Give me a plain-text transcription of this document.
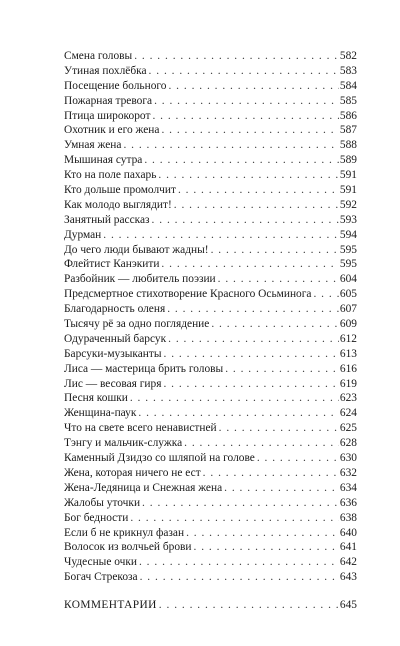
Смена головы . . .	582
Утиная похлёбка . . .	583
Посещение больного . . .	584
Пожарная тревога . . .	585
Птица широкорот . . .	586
Охотник и его жена . . .	587
Умная жена . . .	588
Мышиная сутра . . .	589
Кто на поле пахарь . . .	591
Кто дольше промолчит . . .	591
Как молодо выглядит! . . .	592
Занятный рассказ . . .	593
Дурман . . .	594
До чего люди бывают жадны! . . .	595
Флейтист Канэкити . . .	595
Разбойник — любитель поэзии . . .	604
Предсмертное стихотворение Красного Осьминога . . . 605
Благодарность оленя . . .	607
Тысячу рё за одно поглядение . . .	609
Одураченный барсук . . .	612
Барсуки-музыканты . . .	613
Лиса — мастерица брить головы . . .	616
Лис — весовая гиря . . .	619
Песня кошки . . .	623
Женщина-паук . . .	624
Что на свете всего ненавистней . . .	625
Тэнгу и мальчик-служка . . .	628
Каменный Дзидзо со шляпой на голове . . .	630
Жена, которая ничего не ест . . .	632
Жена-Ледяница и Снежная жена . . .	634
Жалобы уточки . . .	636
Бог бедности . . .	638
Если б не крикнул фазан . . .	640
Волосок из волчьей брови . . .	641
Чудесные очки . . .	642
Богач Стрекоза . . .	643
КОММЕНТАРИИ . . .	645
